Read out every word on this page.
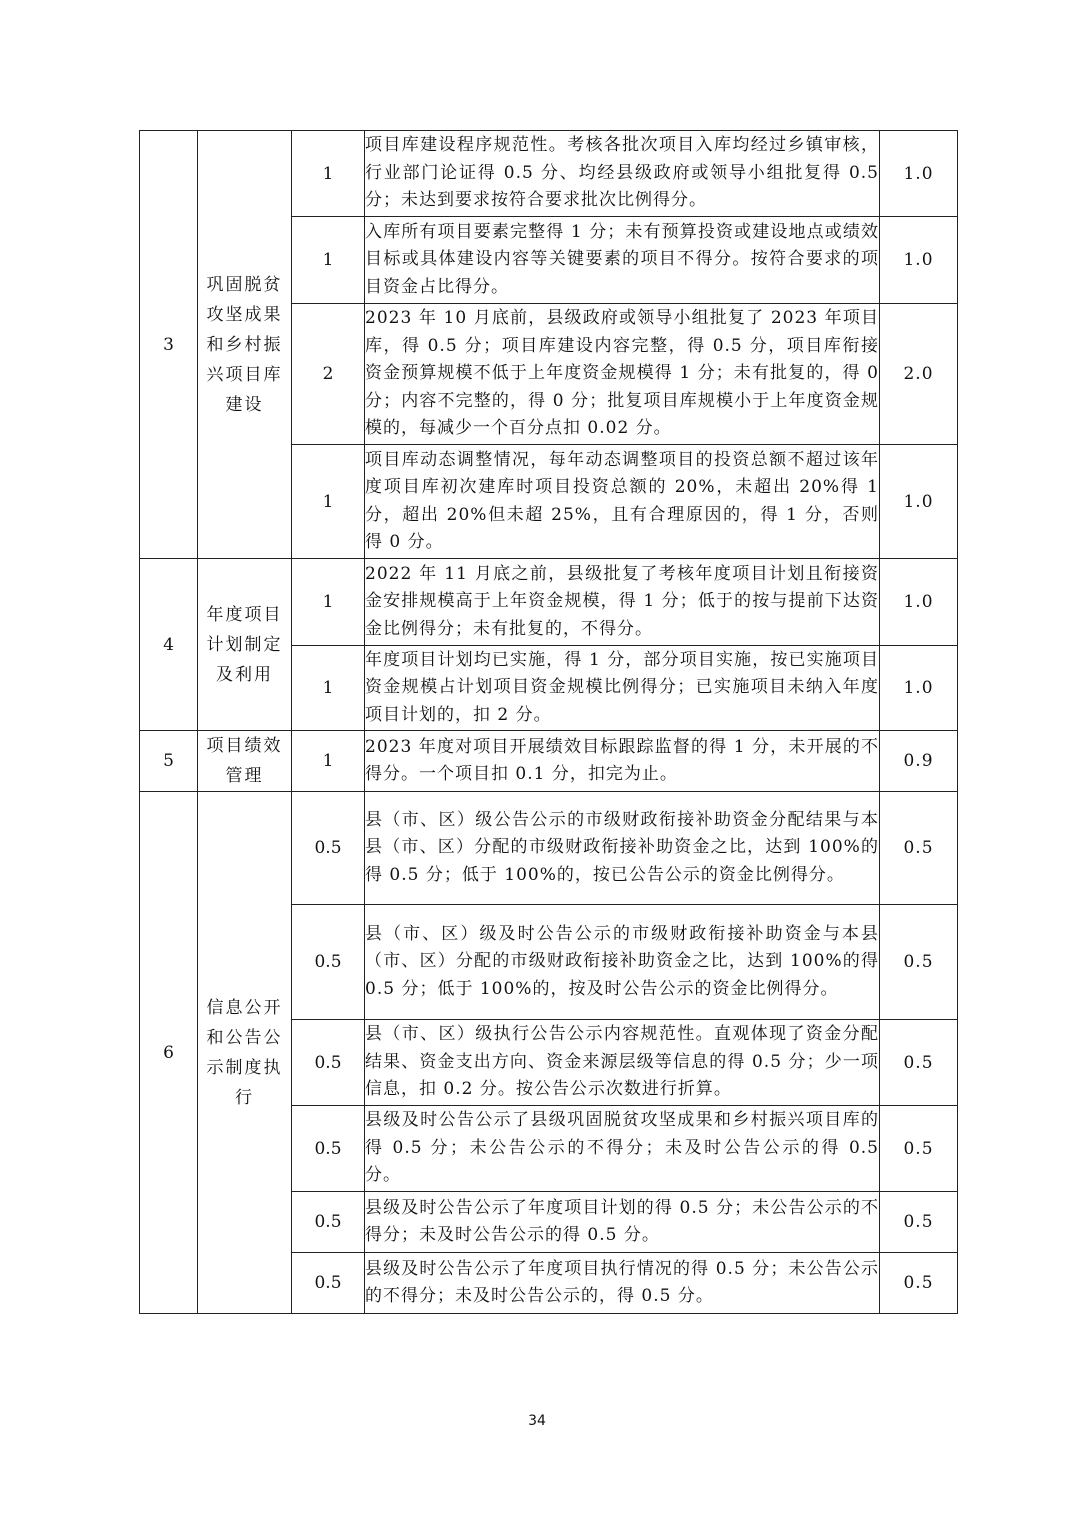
3	巩固脱贫攻坚成果和乡村振兴项目库建设	1	项目库建设程序规范性。考核各批次项目入库均经过乡镇审核，行业部门论证得 0.5 分、均经县级政府或领导小组批复得 0.5 分；未达到要求按符合要求批次比例得分。	1.0
		1	入库所有项目要素完整得 1 分；未有预算投资或建设地点或绩效目标或具体建设内容等关键要素的项目不得分。按符合要求的项目资金占比得分。	1.0
		2	2023 年 10 月底前，县级政府或领导小组批复了 2023 年项目库，得 0.5 分；项目库建设内容完整，得 0.5 分，项目库衔接资金预算规模不低于上年度资金规模得 1 分；未有批复的，得 0 分；内容不完整的，得 0 分；批复项目库规模小于上年度资金规模的，每减少一个百分点扣 0.02 分。	2.0
		1	项目库动态调整情况，每年动态调整项目的投资总额不超过该年度项目库初次建库时项目投资总额的 20%，未超出 20%得 1 分，超出 20%但未超 25%，且有合理原因的，得 1 分，否则得 0 分。	1.0
4	年度项目计划制定及利用	1	2022 年 11 月底之前，县级批复了考核年度项目计划且衔接资金安排规模高于上年资金规模，得 1 分；低于的按与提前下达资金比例得分；未有批复的，不得分。	1.0
		1	年度项目计划均已实施，得 1 分，部分项目实施，按已实施项目资金规模占计划项目资金规模比例得分；已实施项目未纳入年度项目计划的，扣 2 分。	1.0
5	项目绩效管理	1	2023 年度对项目开展绩效目标跟踪监督的得 1 分，未开展的不得分。一个项目扣 0.1 分，扣完为止。	0.9
6	信息公开和公告公示制度执行	0.5	县（市、区）级公告公示的市级财政衔接补助资金分配结果与本县（市、区）分配的市级财政衔接补助资金之比，达到 100%的得 0.5 分；低于 100%的，按已公告公示的资金比例得分。	0.5
		0.5	县（市、区）级及时公告公示的市级财政衔接补助资金与本县（市、区）分配的市级财政衔接补助资金之比，达到 100%的得 0.5 分；低于 100%的，按及时公告公示的资金比例得分。	0.5
		0.5	县（市、区）级执行公告公示内容规范性。直观体现了资金分配结果、资金支出方向、资金来源层级等信息的得 0.5 分；少一项信息，扣 0.2 分。按公告公示次数进行折算。	0.5
		0.5	县级及时公告公示了县级巩固脱贫攻坚成果和乡村振兴项目库的得 0.5 分；未公告公示的不得分；未及时公告公示的得 0.5 分。	0.5
		0.5	县级及时公告公示了年度项目计划的得 0.5 分；未公告公示的不得分；未及时公告公示的得 0.5 分。	0.5
		0.5	县级及时公告公示了年度项目执行情况的得 0.5 分；未公告公示的不得分；未及时公告公示的，得 0.5 分。	0.5
34
